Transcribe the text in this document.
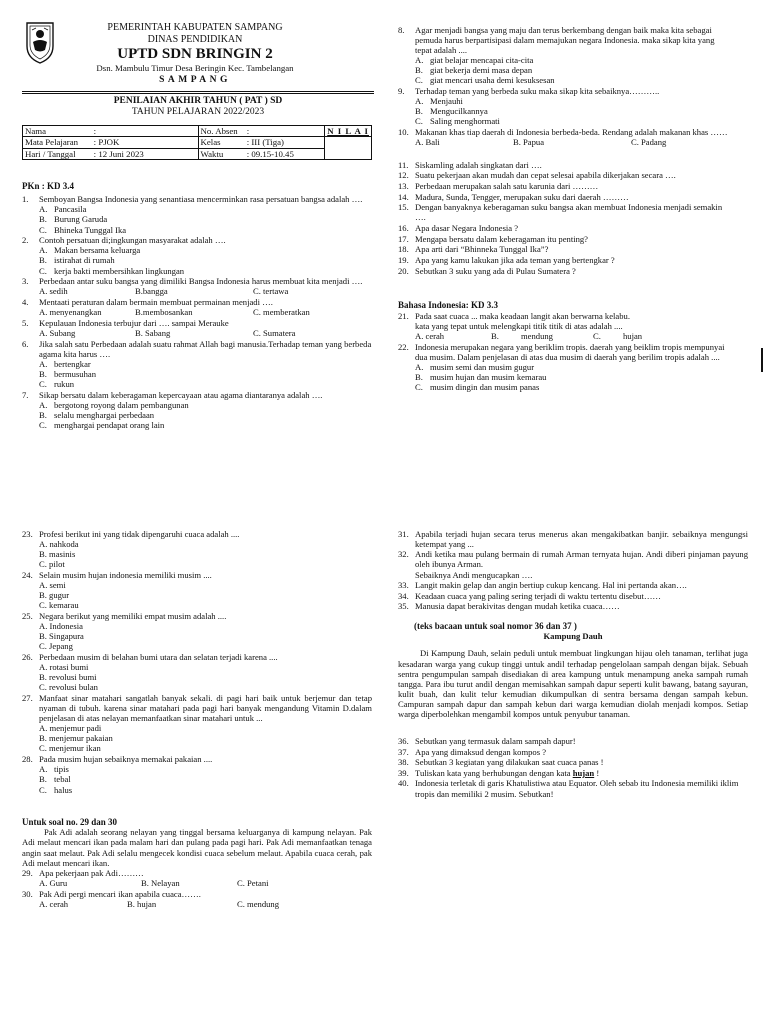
PEMERINTAH KABUPATEN SAMPANG
DINAS PENDIDIKAN
UPTD SDN BRINGIN 2
Dsn. Mambulu Timur Desa Beringin Kec. Tambelangan
SAMPANG
PENILAIAN AKHIR TAHUN ( PAT ) SD
TAHUN PELAJARAN 2022/2023
Nama	:	No. Absen	:	N I L A I
Mata Pelajaran	: PJOK	Kelas	: III (Tiga)	
Hari / Tanggal	: 12 Juni 2023	Waktu	: 09.15-10.45	
PKn : KD 3.4
1.	Semboyan Bangsa Indonesia yang senantiasa mencerminkan rasa persatuan bangsa adalah ….
A. Pancasila
B. Burung Garuda
C. Bhineka Tunggal Ika
2.	Contoh persatuan di;ingkungan masyarakat adalah ….
A. Makan bersama keluarga
B. istirahat di rumah
C. kerja bakti membersihkan lingkungan
3.	Perbedaan antar suku bangsa yang dimiliki Bangsa Indonesia harus membuat kita menjadi ….
A. sedih	B.bangga	C. tertawa
4.	Mentaati peraturan dalam bermain membuat permainan menjadi ….
A. menyenangkan	B.membosankan	C. memberatkan
5.	Kepulauan Indonesia terbujur dari …. sampai Merauke
A. Subang	B. Sabang	C. Sumatera
6.	Jika salah satu Perbedaan adalah suatu rahmat Allah bagi manusia.Terhadap teman yang berbeda agama kita harus ….
A. bertengkar
B. bermusuhan
C. rukun
7.	Sikap bersatu dalam keberagaman kepercayaan atau agama diantaranya adalah ….
A. bergotong royong dalam pembangunan
B. selalu menghargai perbedaan
C. menghargai pendapat orang lain
8.	Agar menjadi bangsa yang maju dan terus berkembang dengan baik maka kita sebagai pemuda harus berpartisipasi dalam memajukan negara Indonesia. maka sikap kita yang tepat adalah ....
A. giat belajar mencapai cita-cita
B. giat bekerja demi masa depan
C. giat mencari usaha demi kesuksesan
9.	Terhadap teman yang berbeda suku maka sikap kita sebaiknya………..
A. Menjauhi
B. Mengucilkannya
C. Saling menghormati
10. Makanan khas tiap daerah di Indonesia berbeda-beda. Rendang adalah makanan khas ……
A. Bali	B. Papua	C. Padang
11. Siskamling adalah singkatan dari ….
12. Suatu pekerjaan akan mudah dan cepat selesai apabila dikerjakan secara ….
13. Perbedaan merupakan salah satu karunia dari ………
14. Madura, Sunda, Tengger, merupakan suku dari daerah ………
15. Dengan banyaknya keberagaman suku bangsa akan membuat Indonesia menjadi semakin ….
16. Apa dasar Negara Indonesia ?
17. Mengapa bersatu dalam keberagaman itu penting?
18. Apa arti dari “Bhinneka Tunggal Ika”?
19. Apa yang kamu lakukan jika ada teman yang bertengkar ?
20. Sebutkan 3 suku yang ada di Pulau Sumatera ?
Bahasa Indonesia: KD 3.3
21. Pada saat cuaca ... maka keadaan langit akan berwarna kelabu.
kata yang tepat untuk melengkapi titik titik di atas adalah ....
A. cerah	B.	mendung	C.	hujan
22. Indonesia merupakan negara yang beriklim tropis. daerah yang beiklim tropis mempunyai dua musim. Dalam penjelasan di atas dua musim di daerah yang berilim tropis adalah ....
A. musim semi dan musim gugur
B. musim hujan dan musim kemarau
C. musim dingin dan musim panas
23. Profesi berikut ini yang tidak dipengaruhi cuaca adalah ....
A. nahkoda
B. masinis
C. pilot
24. Selain musim hujan indonesia memiliki musim ....
A. semi
B. gugur
C. kemarau
25. Negara berikut yang memiliki empat musim adalah ....
A. Indonesia
B. Singapura
C. Jepang
26. Perbedaan musim di belahan bumi utara dan selatan terjadi karena ....
A. rotasi bumi
B. revolusi bumi
C. revolusi bulan
27. Manfaat sinar matahari sangatlah banyak sekali. di pagi hari baik untuk berjemur dan tetap nyaman di tubuh. karena sinar matahari pada pagi hari banyak mengandung Vitamin D.dalam penjelasan di atas nelayan memanfaatkan sinar matahari untuk ...
A. menjemur padi
B. menjemur pakaian
C. menjemur ikan
28. Pada musim hujan sebaiknya memakai pakaian ....
A. tipis
B. tebal
C. halus
Untuk soal no. 29 dan 30
Pak Adi adalah seorang nelayan yang tinggal bersama keluarganya di kampung nelayan. Pak Adi melaut mencari ikan pada malam hari dan pulang pada pagi hari. Pak Adi memanfaatkan tenaga angin saat melaut. Pak Adi selalu mengecek kondisi cuaca sebelum melaut. Apabila cuaca cerah, pak Adi melaut mencari ikan.
29. Apa pekerjaan pak Adi………
A. Guru	B. Nelayan	C. Petani
30. Pak Adi pergi mencari ikan apabila cuaca…….
A. cerah	B. hujan	C. mendung
31. Apabila terjadi hujan secara terus menerus akan mengakibatkan banjir. sebaiknya mengungsi ketempat yang ...
32. Andi ketika mau pulang bermain di rumah Arman ternyata hujan. Andi diberi pinjaman payung oleh ibunya Arman.
Sebaiknya Andi mengucapkan ….
33. Langit makin gelap dan angin bertiup cukup kencang. Hal ini pertanda akan….
34. Keadaan cuaca yang paling sering terjadi di waktu tertentu disebut……
35. Manusia dapat berakivitas dengan mudah ketika cuaca……
(teks bacaan untuk soal nomor 36 dan 37 )
Kampung Dauh
Di Kampung Dauh, selain peduli untuk membuat lingkungan hijau oleh tanaman, terlihat juga kesadaran warga yang cukup tinggi untuk andil terhadap pengelolaan sampah dengan bijak. Sebuah sentra pengumpulan sampah disediakan di area kampung untuk menampung aneka sampah rumah tangga. Para ibu turut andil dengan memisahkan sampah dapur seperti kulit bawang, batang sayuran, kulit buah, dan kulit telur kemudian dikumpulkan di sentra bersama dengan sampah kebun. Campuran sampah dapur dan sampah kebun dari warga kemudian diolah menjadi kompos. Setiap warga diperbolehkan mengambil kompos untuk penyubur tanaman.
36. Sebutkan yang termasuk dalam sampah dapur!
37. Apa yang dimaksud dengan kompos ?
38. Sebutkan 3 kegiatan yang dilakukan saat cuaca panas !
39. Tuliskan kata yang berhubungan dengan kata hujan !
40. Indonesia terletak di garis Khatulistiwa atau Equator. Oleh sebab itu Indonesia memiliki iklim tropis dan memiliki 2 musim. Sebutkan!
